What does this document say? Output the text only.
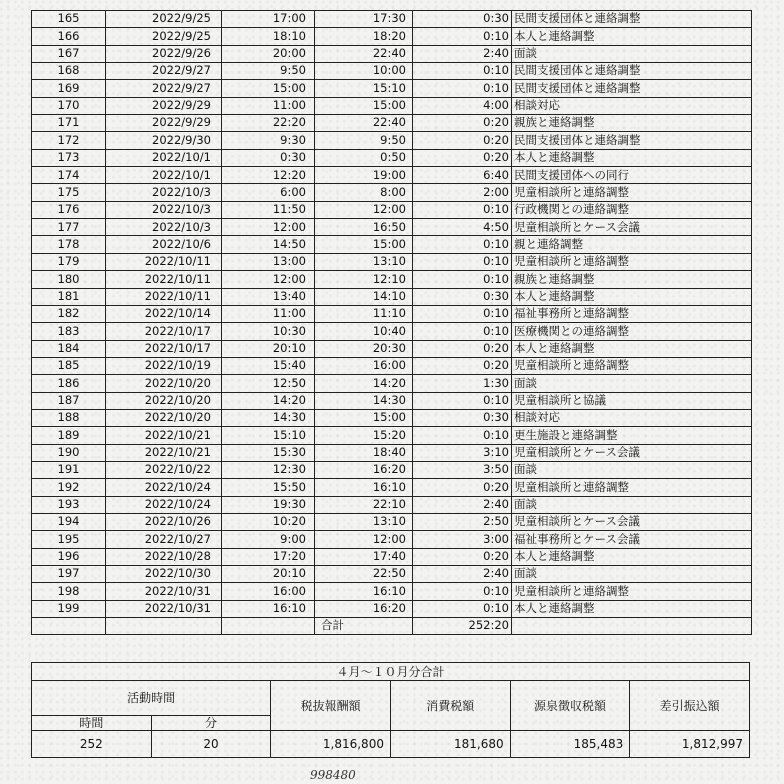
165	2022/9/25	17:00	17:30	0:30	民間支援団体と連絡調整
166	2022/9/25	18:10	18:20	0:10	本人と連絡調整
167	2022/9/26	20:00	22:40	2:40	面談
168	2022/9/27	9:50	10:00	0:10	民間支援団体と連絡調整
169	2022/9/27	15:00	15:10	0:10	民間支援団体と連絡調整
170	2022/9/29	11:00	15:00	4:00	相談対応
171	2022/9/29	22:20	22:40	0:20	親族と連絡調整
172	2022/9/30	9:30	9:50	0:20	民間支援団体と連絡調整
173	2022/10/1	0:30	0:50	0:20	本人と連絡調整
174	2022/10/1	12:20	19:00	6:40	民間支援団体への同行
175	2022/10/3	6:00	8:00	2:00	児童相談所と連絡調整
176	2022/10/3	11:50	12:00	0:10	行政機関との連絡調整
177	2022/10/3	12:00	16:50	4:50	児童相談所とケース会議
178	2022/10/6	14:50	15:00	0:10	親と連絡調整
179	2022/10/11	13:00	13:10	0:10	児童相談所と連絡調整
180	2022/10/11	12:00	12:10	0:10	親族と連絡調整
181	2022/10/11	13:40	14:10	0:30	本人と連絡調整
182	2022/10/14	11:00	11:10	0:10	福祉事務所と連絡調整
183	2022/10/17	10:30	10:40	0:10	医療機関との連絡調整
184	2022/10/17	20:10	20:30	0:20	本人と連絡調整
185	2022/10/19	15:40	16:00	0:20	児童相談所と連絡調整
186	2022/10/20	12:50	14:20	1:30	面談
187	2022/10/20	14:20	14:30	0:10	児童相談所と協議
188	2022/10/20	14:30	15:00	0:30	相談対応
189	2022/10/21	15:10	15:20	0:10	更生施設と連絡調整
190	2022/10/21	15:30	18:40	3:10	児童相談所とケース会議
191	2022/10/22	12:30	16:20	3:50	面談
192	2022/10/24	15:50	16:10	0:20	児童相談所と連絡調整
193	2022/10/24	19:30	22:10	2:40	面談
194	2022/10/26	10:20	13:10	2:50	児童相談所とケース会議
195	2022/10/27	9:00	12:00	3:00	福祉事務所とケース会議
196	2022/10/28	17:20	17:40	0:20	本人と連絡調整
197	2022/10/30	20:10	22:50	2:40	面談
198	2022/10/31	16:00	16:10	0:10	児童相談所と連絡調整
199	2022/10/31	16:10	16:20	0:10	本人と連絡調整
			合計	252:20	
４月～１０月分合計					
活動時間		税抜報酬額	消費税額	源泉徴収税額	差引振込額
時間	分				
252	20	1,816,800	181,680	185,483	1,812,997
998480
